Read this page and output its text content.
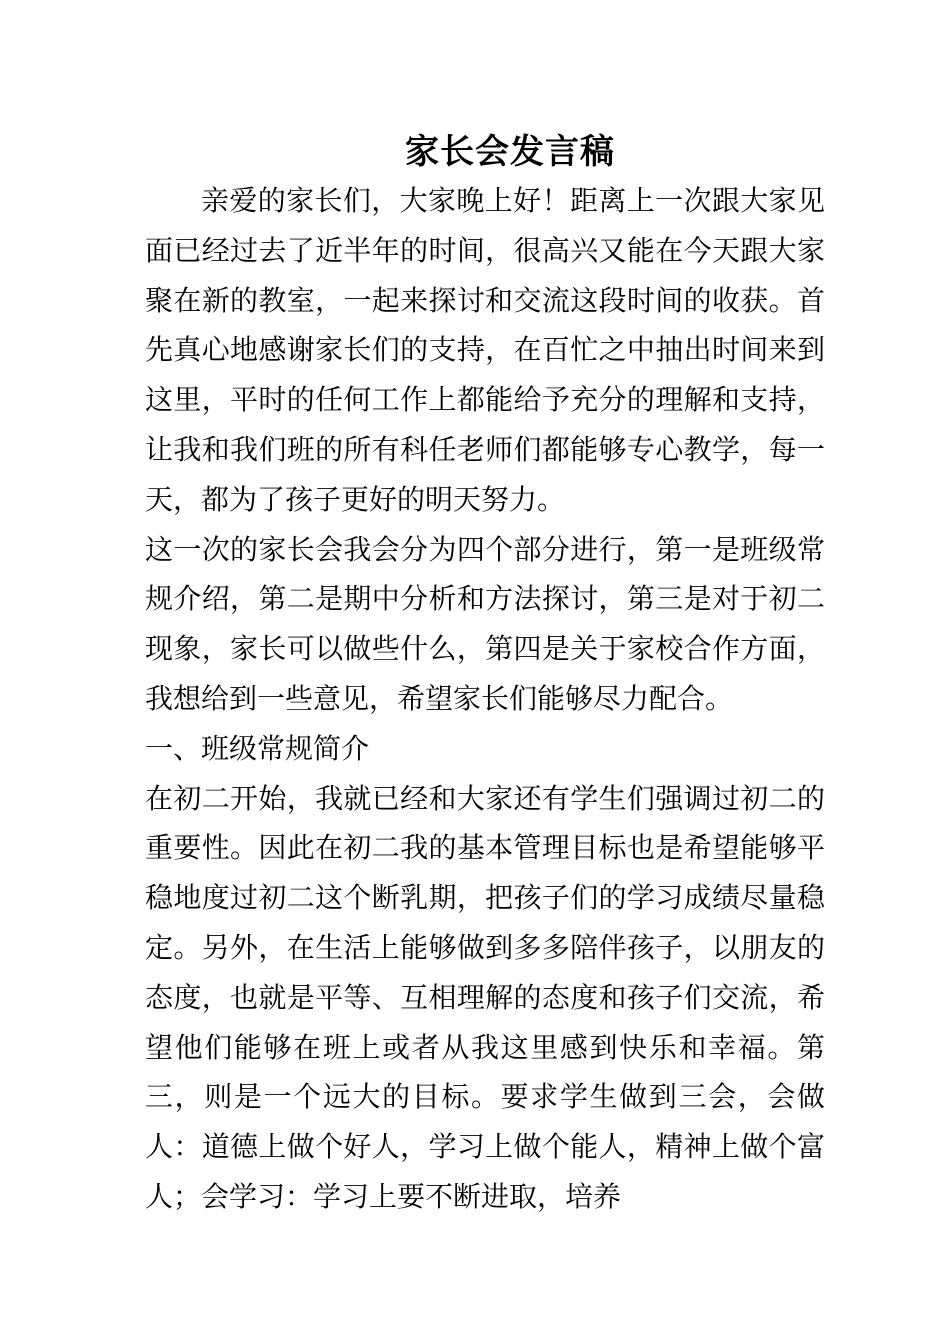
家长会发言稿

亲爱的家长们，大家晚上好！距离上一次跟大家见面已经过去了近半年的时间，很高兴又能在今天跟大家聚在新的教室，一起来探讨和交流这段时间的收获。首先真心地感谢家长们的支持，在百忙之中抽出时间来到这里，平时的任何工作上都能给予充分的理解和支持，让我和我们班的所有科任老师们都能够专心教学，每一天，都为了孩子更好的明天努力。

这一次的家长会我会分为四个部分进行，第一是班级常规介绍，第二是期中分析和方法探讨，第三是对于初二现象，家长可以做些什么，第四是关于家校合作方面，我想给到一些意见，希望家长们能够尽力配合。

一、班级常规简介

在初二开始，我就已经和大家还有学生们强调过初二的重要性。因此在初二我的基本管理目标也是希望能够平稳地度过初二这个断乳期，把孩子们的学习成绩尽量稳定。另外，在生活上能够做到多多陪伴孩子，以朋友的态度，也就是平等、互相理解的态度和孩子们交流，希望他们能够在班上或者从我这里感到快乐和幸福。第三，则是一个远大的目标。要求学生做到三会，会做人：道德上做个好人，学习上做个能人，精神上做个富人；会学习：学习上要不断进取，培养
